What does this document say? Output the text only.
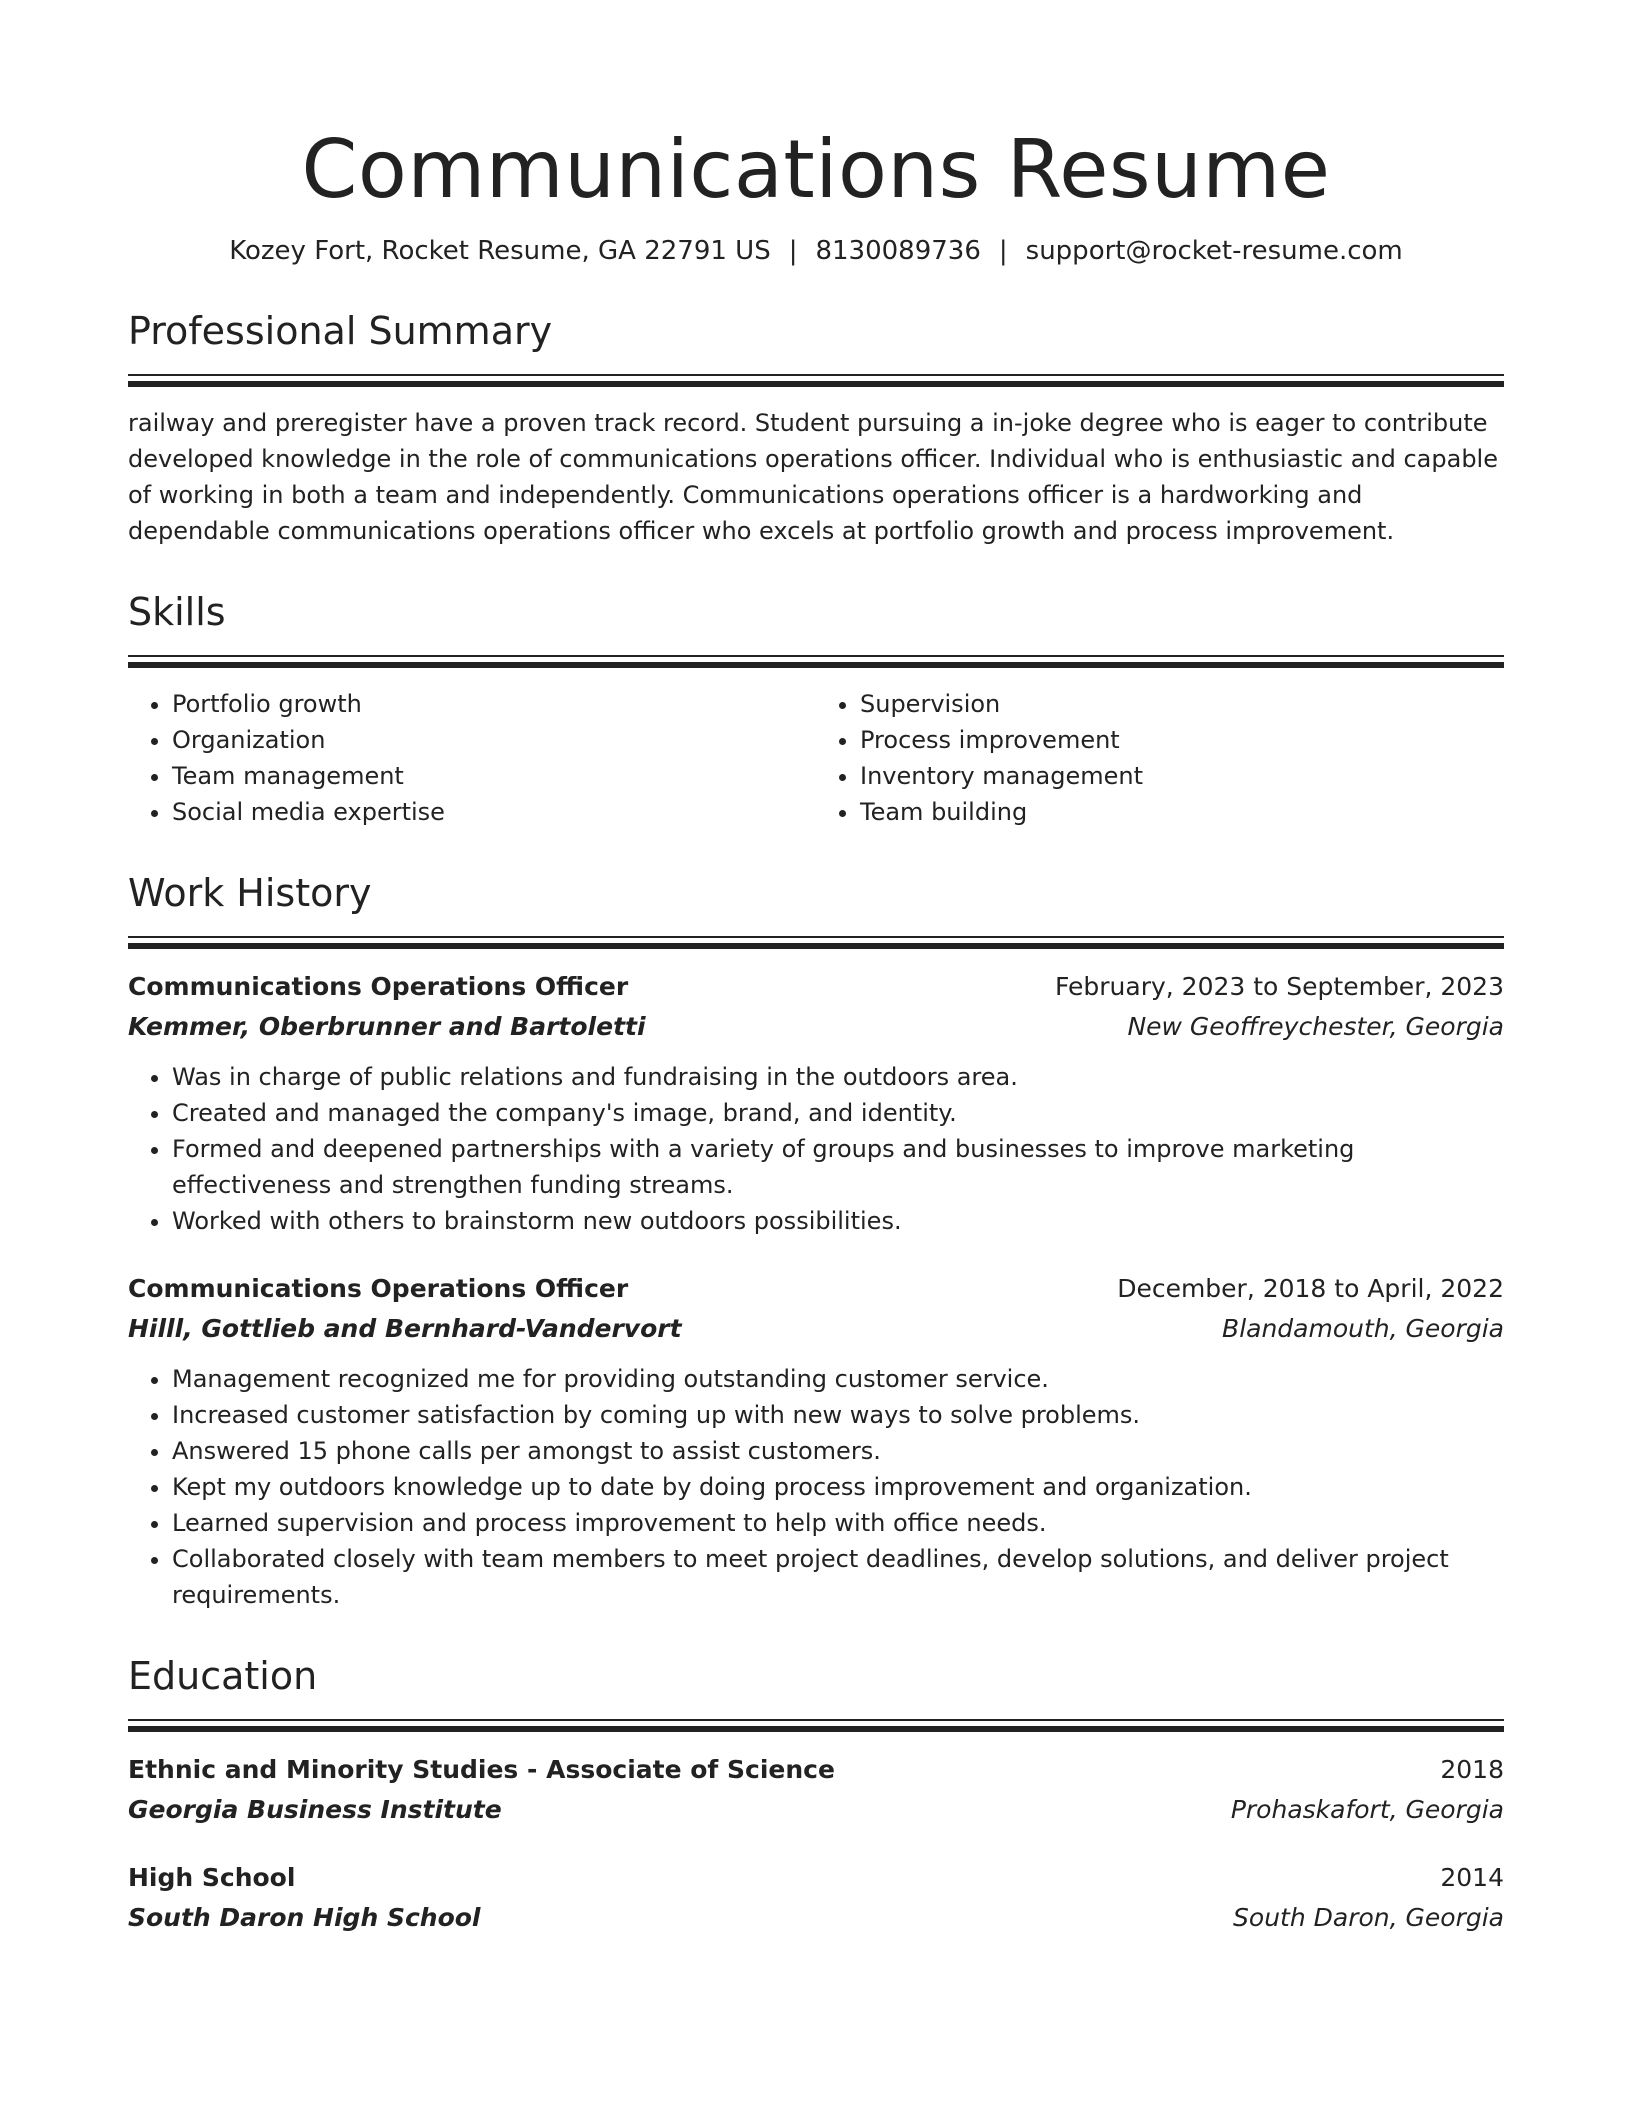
Communications Resume
Kozey Fort, Rocket Resume, GA 22791 US | 8130089736 | support@rocket-resume.com
Professional Summary

railway and preregister have a proven track record. Student pursuing a in-joke degree who is eager to contribute developed knowledge in the role of communications operations officer. Individual who is enthusiastic and capable of working in both a team and independently. Communications operations officer is a hardworking and dependable communications operations officer who excels at portfolio growth and process improvement.

Skills
• Portfolio growth
• Organization
• Team management
• Social media expertise
• Supervision
• Process improvement
• Inventory management
• Team building
Work History
Communications Operations Officer	February, 2023 to September, 2023
Kemmer, Oberbrunner and Bartoletti	New Geoffreychester, Georgia
• Was in charge of public relations and fundraising in the outdoors area.
• Created and managed the company's image, brand, and identity.
• Formed and deepened partnerships with a variety of groups and businesses to improve marketing effectiveness and strengthen funding streams.
• Worked with others to brainstorm new outdoors possibilities.
Communications Operations Officer	December, 2018 to April, 2022
Hilll, Gottlieb and Bernhard-Vandervort	Blandamouth, Georgia
• Management recognized me for providing outstanding customer service.
• Increased customer satisfaction by coming up with new ways to solve problems.
• Answered 15 phone calls per amongst to assist customers.
• Kept my outdoors knowledge up to date by doing process improvement and organization.
• Learned supervision and process improvement to help with office needs.
• Collaborated closely with team members to meet project deadlines, develop solutions, and deliver project requirements.
Education
Ethnic and Minority Studies - Associate of Science	2018
Georgia Business Institute	Prohaskafort, Georgia
High School	2014
South Daron High School	South Daron, Georgia
